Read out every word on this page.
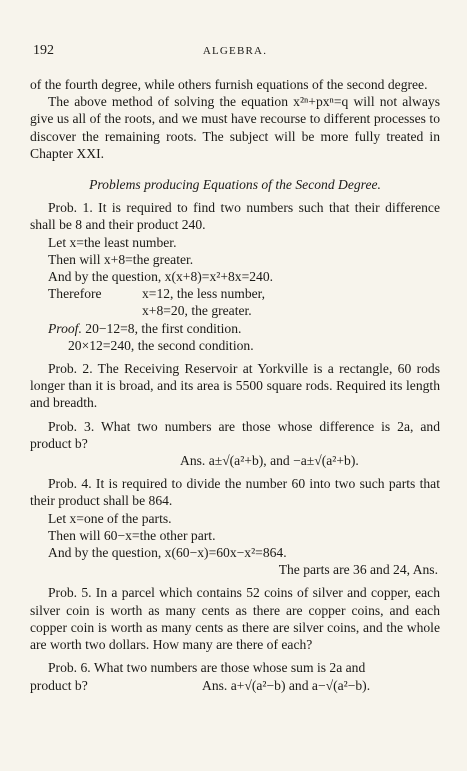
192	ALGEBRA.

of the fourth degree, while others furnish equations of the second degree.

The above method of solving the equation x²ⁿ+pxⁿ=q will not always give us all of the roots, and we must have recourse to different processes to discover the remaining roots. The subject will be more fully treated in Chapter XXI.

Problems producing Equations of the Second Degree.

Prob. 1. It is required to find two numbers such that their difference shall be 8 and their product 240.

Let x=the least number.
Then will x+8=the greater.
And by the question, x(x+8)=x²+8x=240.
Therefore	x=12, the less number,
x+8=20, the greater.
Proof. 20−12=8, the first condition.
20×12=240, the second condition.

Prob. 2. The Receiving Reservoir at Yorkville is a rectangle, 60 rods longer than it is broad, and its area is 5500 square rods. Required its length and breadth.

Prob. 3. What two numbers are those whose difference is 2a, and product b?

Ans. a±√(a²+b), and −a±√(a²+b).

Prob. 4. It is required to divide the number 60 into two such parts that their product shall be 864.

Let x=one of the parts.
Then will 60−x=the other part.
And by the question, x(60−x)=60x−x²=864.
The parts are 36 and 24, Ans.

Prob. 5. In a parcel which contains 52 coins of silver and copper, each silver coin is worth as many cents as there are copper coins, and each copper coin is worth as many cents as there are silver coins, and the whole are worth two dollars. How many are there of each?

Prob. 6. What two numbers are those whose sum is 2a and

product b?	Ans. a+√(a²−b) and a−√(a²−b).
